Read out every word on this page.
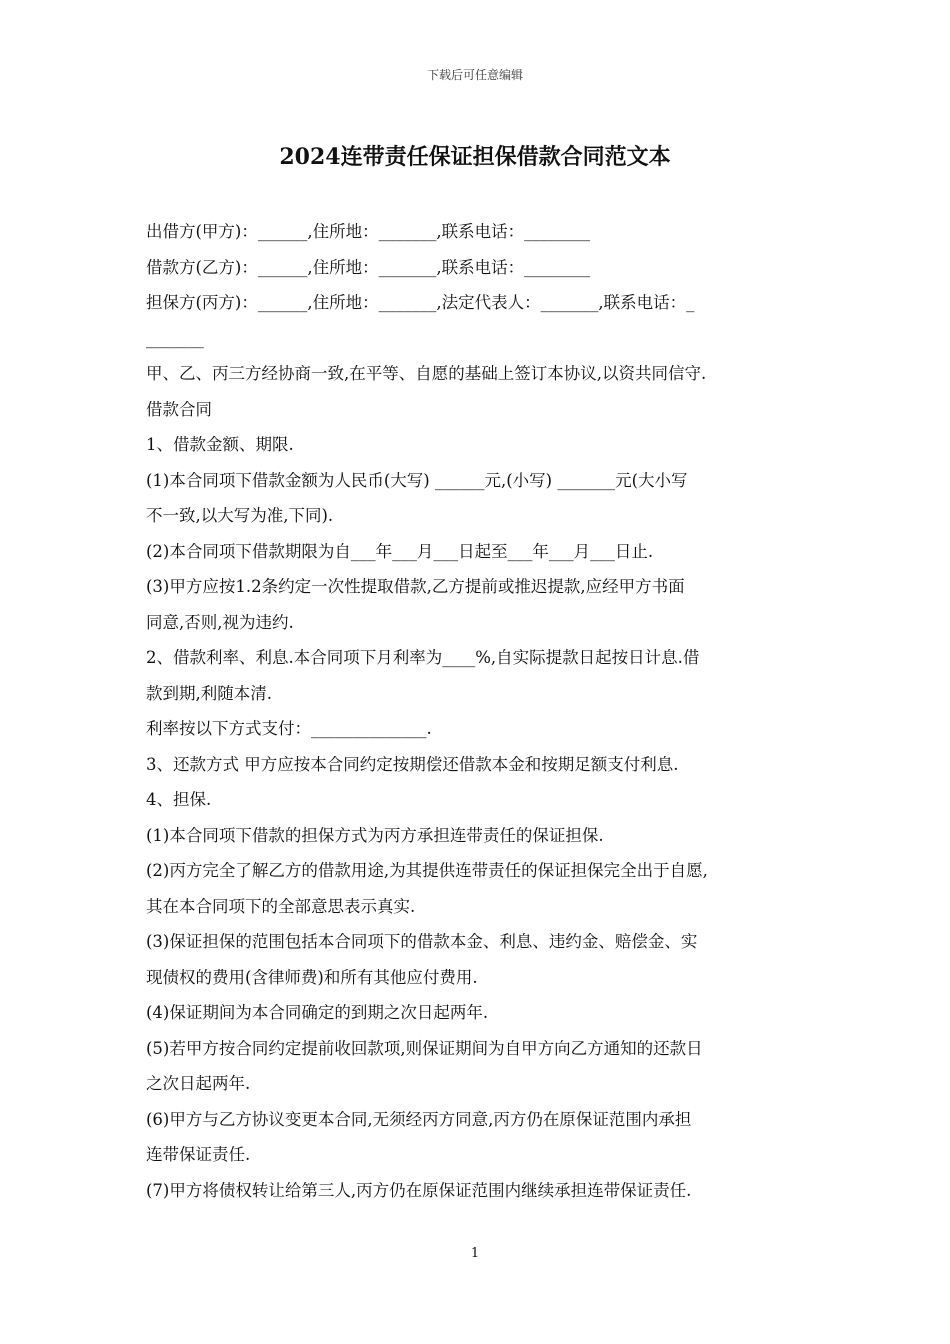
下载后可任意编辑
2024连带责任保证担保借款合同范文本
出借方(甲方)：______,住所地：_______,联系电话：________
借款方(乙方)：______,住所地：_______,联系电话：________
担保方(丙方)：______,住所地：_______,法定代表人：_______,联系电话：_
_______
甲、乙、丙三方经协商一致,在平等、自愿的基础上签订本协议,以资共同信守.
借款合同
1、借款金额、期限.
(1)本合同项下借款金额为人民币(大写) ______元,(小写) _______元(大小写
不一致,以大写为准,下同).
(2)本合同项下借款期限为自___年___月___日起至___年___月___日止.
(3)甲方应按1.2条约定一次性提取借款,乙方提前或推迟提款,应经甲方书面
同意,否则,视为违约.
2、借款利率、利息.本合同项下月利率为____%,自实际提款日起按日计息.借
款到期,利随本清.
利率按以下方式支付：______________.
3、还款方式 甲方应按本合同约定按期偿还借款本金和按期足额支付利息.
4、担保.
(1)本合同项下借款的担保方式为丙方承担连带责任的保证担保.
(2)丙方完全了解乙方的借款用途,为其提供连带责任的保证担保完全出于自愿,
其在本合同项下的全部意思表示真实.
(3)保证担保的范围包括本合同项下的借款本金、利息、违约金、赔偿金、实
现债权的费用(含律师费)和所有其他应付费用.
(4)保证期间为本合同确定的到期之次日起两年.
(5)若甲方按合同约定提前收回款项,则保证期间为自甲方向乙方通知的还款日
之次日起两年.
(6)甲方与乙方协议变更本合同,无须经丙方同意,丙方仍在原保证范围内承担
连带保证责任.
(7)甲方将债权转让给第三人,丙方仍在原保证范围内继续承担连带保证责任.
1
